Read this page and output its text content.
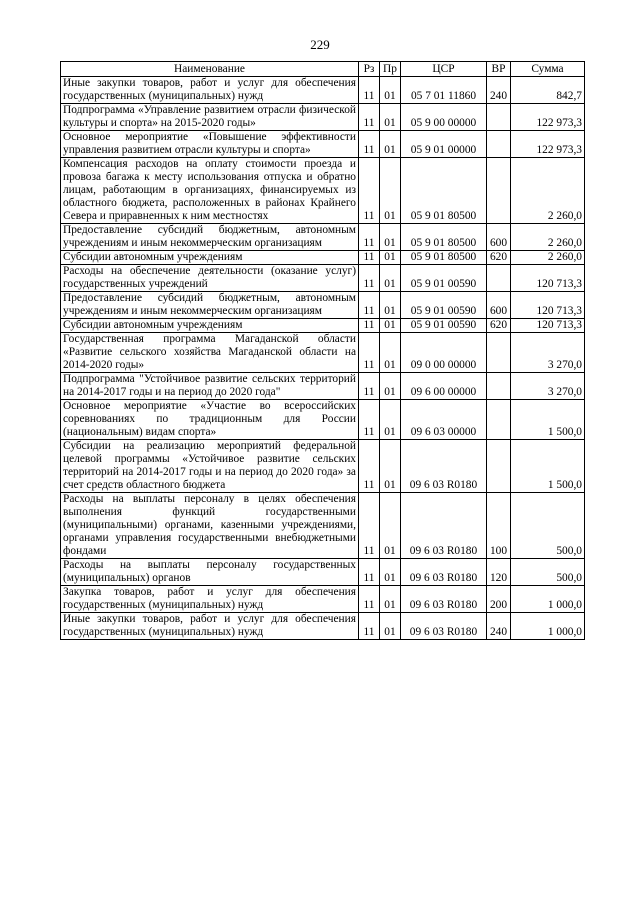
229
Наименование	Рз	Пр	ЦСР	ВР	Сумма
Иные закупки товаров, работ и услуг для обеспечения государственных (муниципальных) нужд	11	01	05 7 01 11860	240	842,7
Подпрограмма «Управление развитием отрасли физической культуры и спорта» на 2015-2020 годы»	11	01	05 9 00 00000		122 973,3
Основное мероприятие «Повышение эффективности управления развитием отрасли культуры и спорта»	11	01	05 9 01 00000		122 973,3
Компенсация расходов на оплату стоимости проезда и провоза багажа к месту использования отпуска и обратно лицам, работающим в организациях, финансируемых из областного бюджета, расположенных в районах Крайнего Севера и приравненных к ним местностях	11	01	05 9 01 80500		2 260,0
Предоставление субсидий бюджетным, автономным учреждениям и иным некоммерческим организациям	11	01	05 9 01 80500	600	2 260,0
Субсидии автономным учреждениям	11	01	05 9 01 80500	620	2 260,0
Расходы на обеспечение деятельности (оказание услуг) государственных учреждений	11	01	05 9 01 00590		120 713,3
Предоставление субсидий бюджетным, автономным учреждениям и иным некоммерческим организациям	11	01	05 9 01 00590	600	120 713,3
Субсидии автономным учреждениям	11	01	05 9 01 00590	620	120 713,3
Государственная программа Магаданской области «Развитие сельского хозяйства Магаданской области на 2014-2020 годы»	11	01	09 0 00 00000		3 270,0
Подпрограмма "Устойчивое развитие сельских территорий на 2014-2017 годы и на период до 2020 года"	11	01	09 6 00 00000		3 270,0
Основное мероприятие «Участие во всероссийских соревнованиях по традиционным для России (национальным) видам спорта»	11	01	09 6 03 00000		1 500,0
Субсидии на реализацию мероприятий федеральной целевой программы «Устойчивое развитие сельских территорий на 2014-2017 годы и на период до 2020 года» за счет средств областного бюджета	11	01	09 6 03 R0180		1 500,0
Расходы на выплаты персоналу в целях обеспечения выполнения функций государственными (муниципальными) органами, казенными учреждениями, органами управления государственными внебюджетными фондами	11	01	09 6 03 R0180	100	500,0
Расходы на выплаты персоналу государственных (муниципальных) органов	11	01	09 6 03 R0180	120	500,0
Закупка товаров, работ и услуг для обеспечения государственных (муниципальных) нужд	11	01	09 6 03 R0180	200	1 000,0
Иные закупки товаров, работ и услуг для обеспечения государственных (муниципальных) нужд	11	01	09 6 03 R0180	240	1 000,0
